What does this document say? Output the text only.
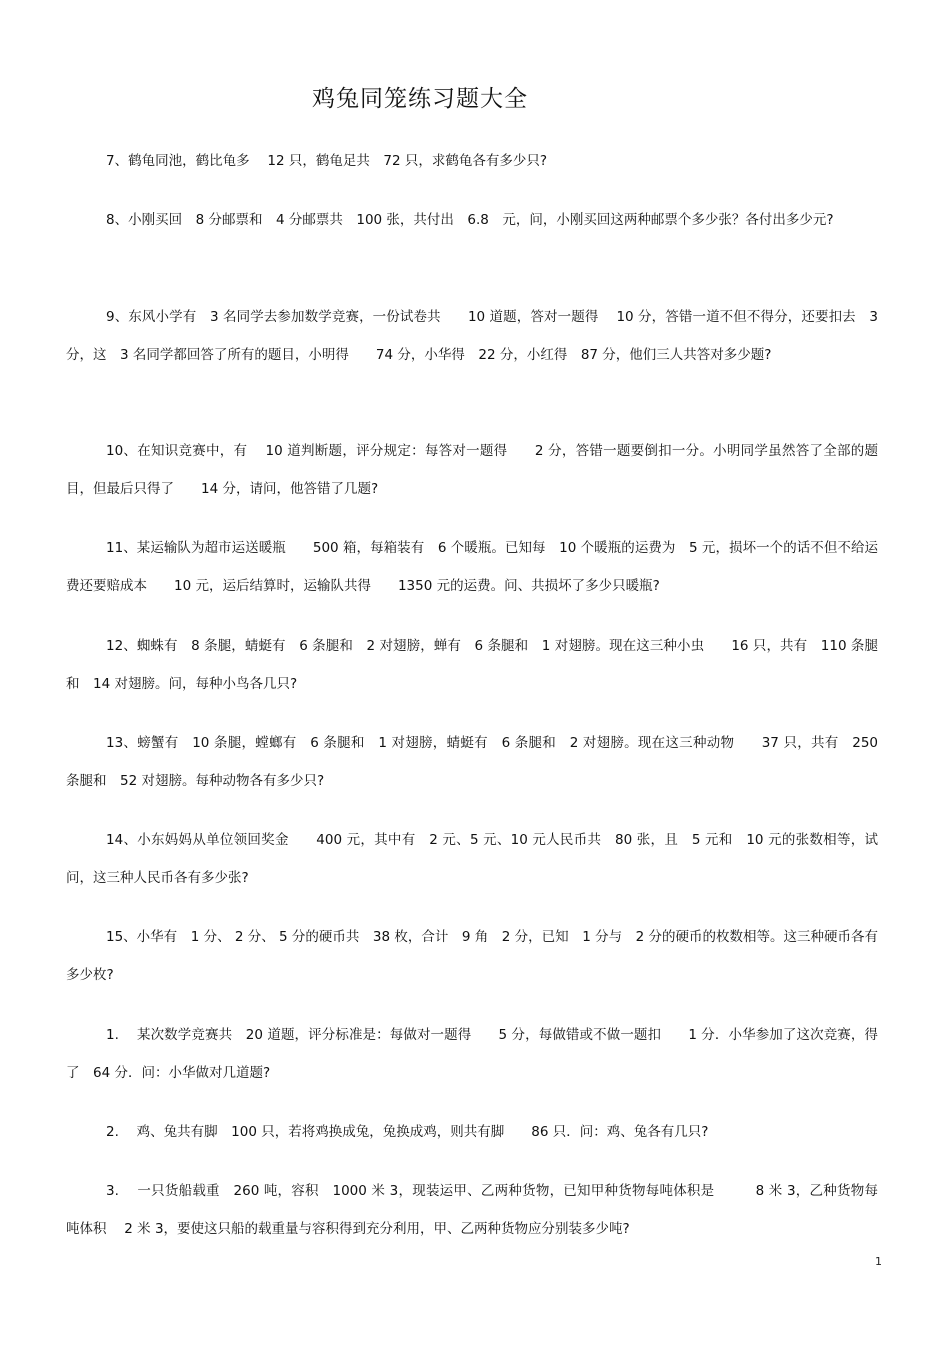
鸡兔同笼练习题大全
7、鹤龟同池，鹤比龟多　 12 只，鹤龟足共　72 只，求鹤龟各有多少只?
8、小刚买回　8 分邮票和　4 分邮票共　100 张，共付出　6.8　元，问，小刚买回这两种邮票个多少张？各付出多少元?
9、东风小学有　3 名同学去参加数学竞赛，一份试卷共　　10 道题，答对一题得　 10 分，答错一道不但不得分，还要扣去　3 分，这　3 名同学都回答了所有的题目，小明得　　74 分，小华得　22 分，小红得　87 分，他们三人共答对多少题?
10、在知识竞赛中，有　 10 道判断题，评分规定：每答对一题得　　2 分，答错一题要倒扣一分。小明同学虽然答了全部的题目，但最后只得了　　14 分，请问，他答错了几题?
11、某运输队为超市运送暖瓶　　500 箱，每箱装有　6 个暖瓶。已知每　10 个暖瓶的运费为　5 元，损坏一个的话不但不给运费还要赔成本　　10 元，运后结算时，运输队共得　　1350 元的运费。问、共损坏了多少只暖瓶?
12、蜘蛛有　8 条腿，蜻蜓有　6 条腿和　2 对翅膀，蝉有　6 条腿和　1 对翅膀。现在这三种小虫　　16 只，共有　110 条腿和　14 对翅膀。问，每种小鸟各几只?
13、螃蟹有　10 条腿，螳螂有　6 条腿和　1 对翅膀，蜻蜓有　6 条腿和　2 对翅膀。现在这三种动物　　37 只，共有　250 条腿和　52 对翅膀。每种动物各有多少只?
14、小东妈妈从单位领回奖金　　400 元，其中有　2 元、5 元、10 元人民币共　80 张，且　5 元和　10 元的张数相等，试问，这三种人民币各有多少张?
15、小华有　1 分、 2 分、 5 分的硬币共　38 枚，合计　9 角　2 分，已知　1 分与　2 分的硬币的枚数相等。这三种硬币各有多少枚?
1.　 某次数学竞赛共　20 道题，评分标准是：每做对一题得　　5 分，每做错或不做一题扣　　1 分．小华参加了这次竞赛，得了　64 分．问：小华做对几道题?
2.　 鸡、兔共有脚　100 只，若将鸡换成兔，兔换成鸡，则共有脚　　86 只．问：鸡、兔各有几只?
3.　 一只货船载重　260 吨，容积　1000 米 3，现装运甲、乙两种货物，已知甲种货物每吨体积是　　　8 米 3，乙种货物每吨体积　 2 米 3，要使这只船的载重量与容积得到充分利用，甲、乙两种货物应分别装多少吨?
1
